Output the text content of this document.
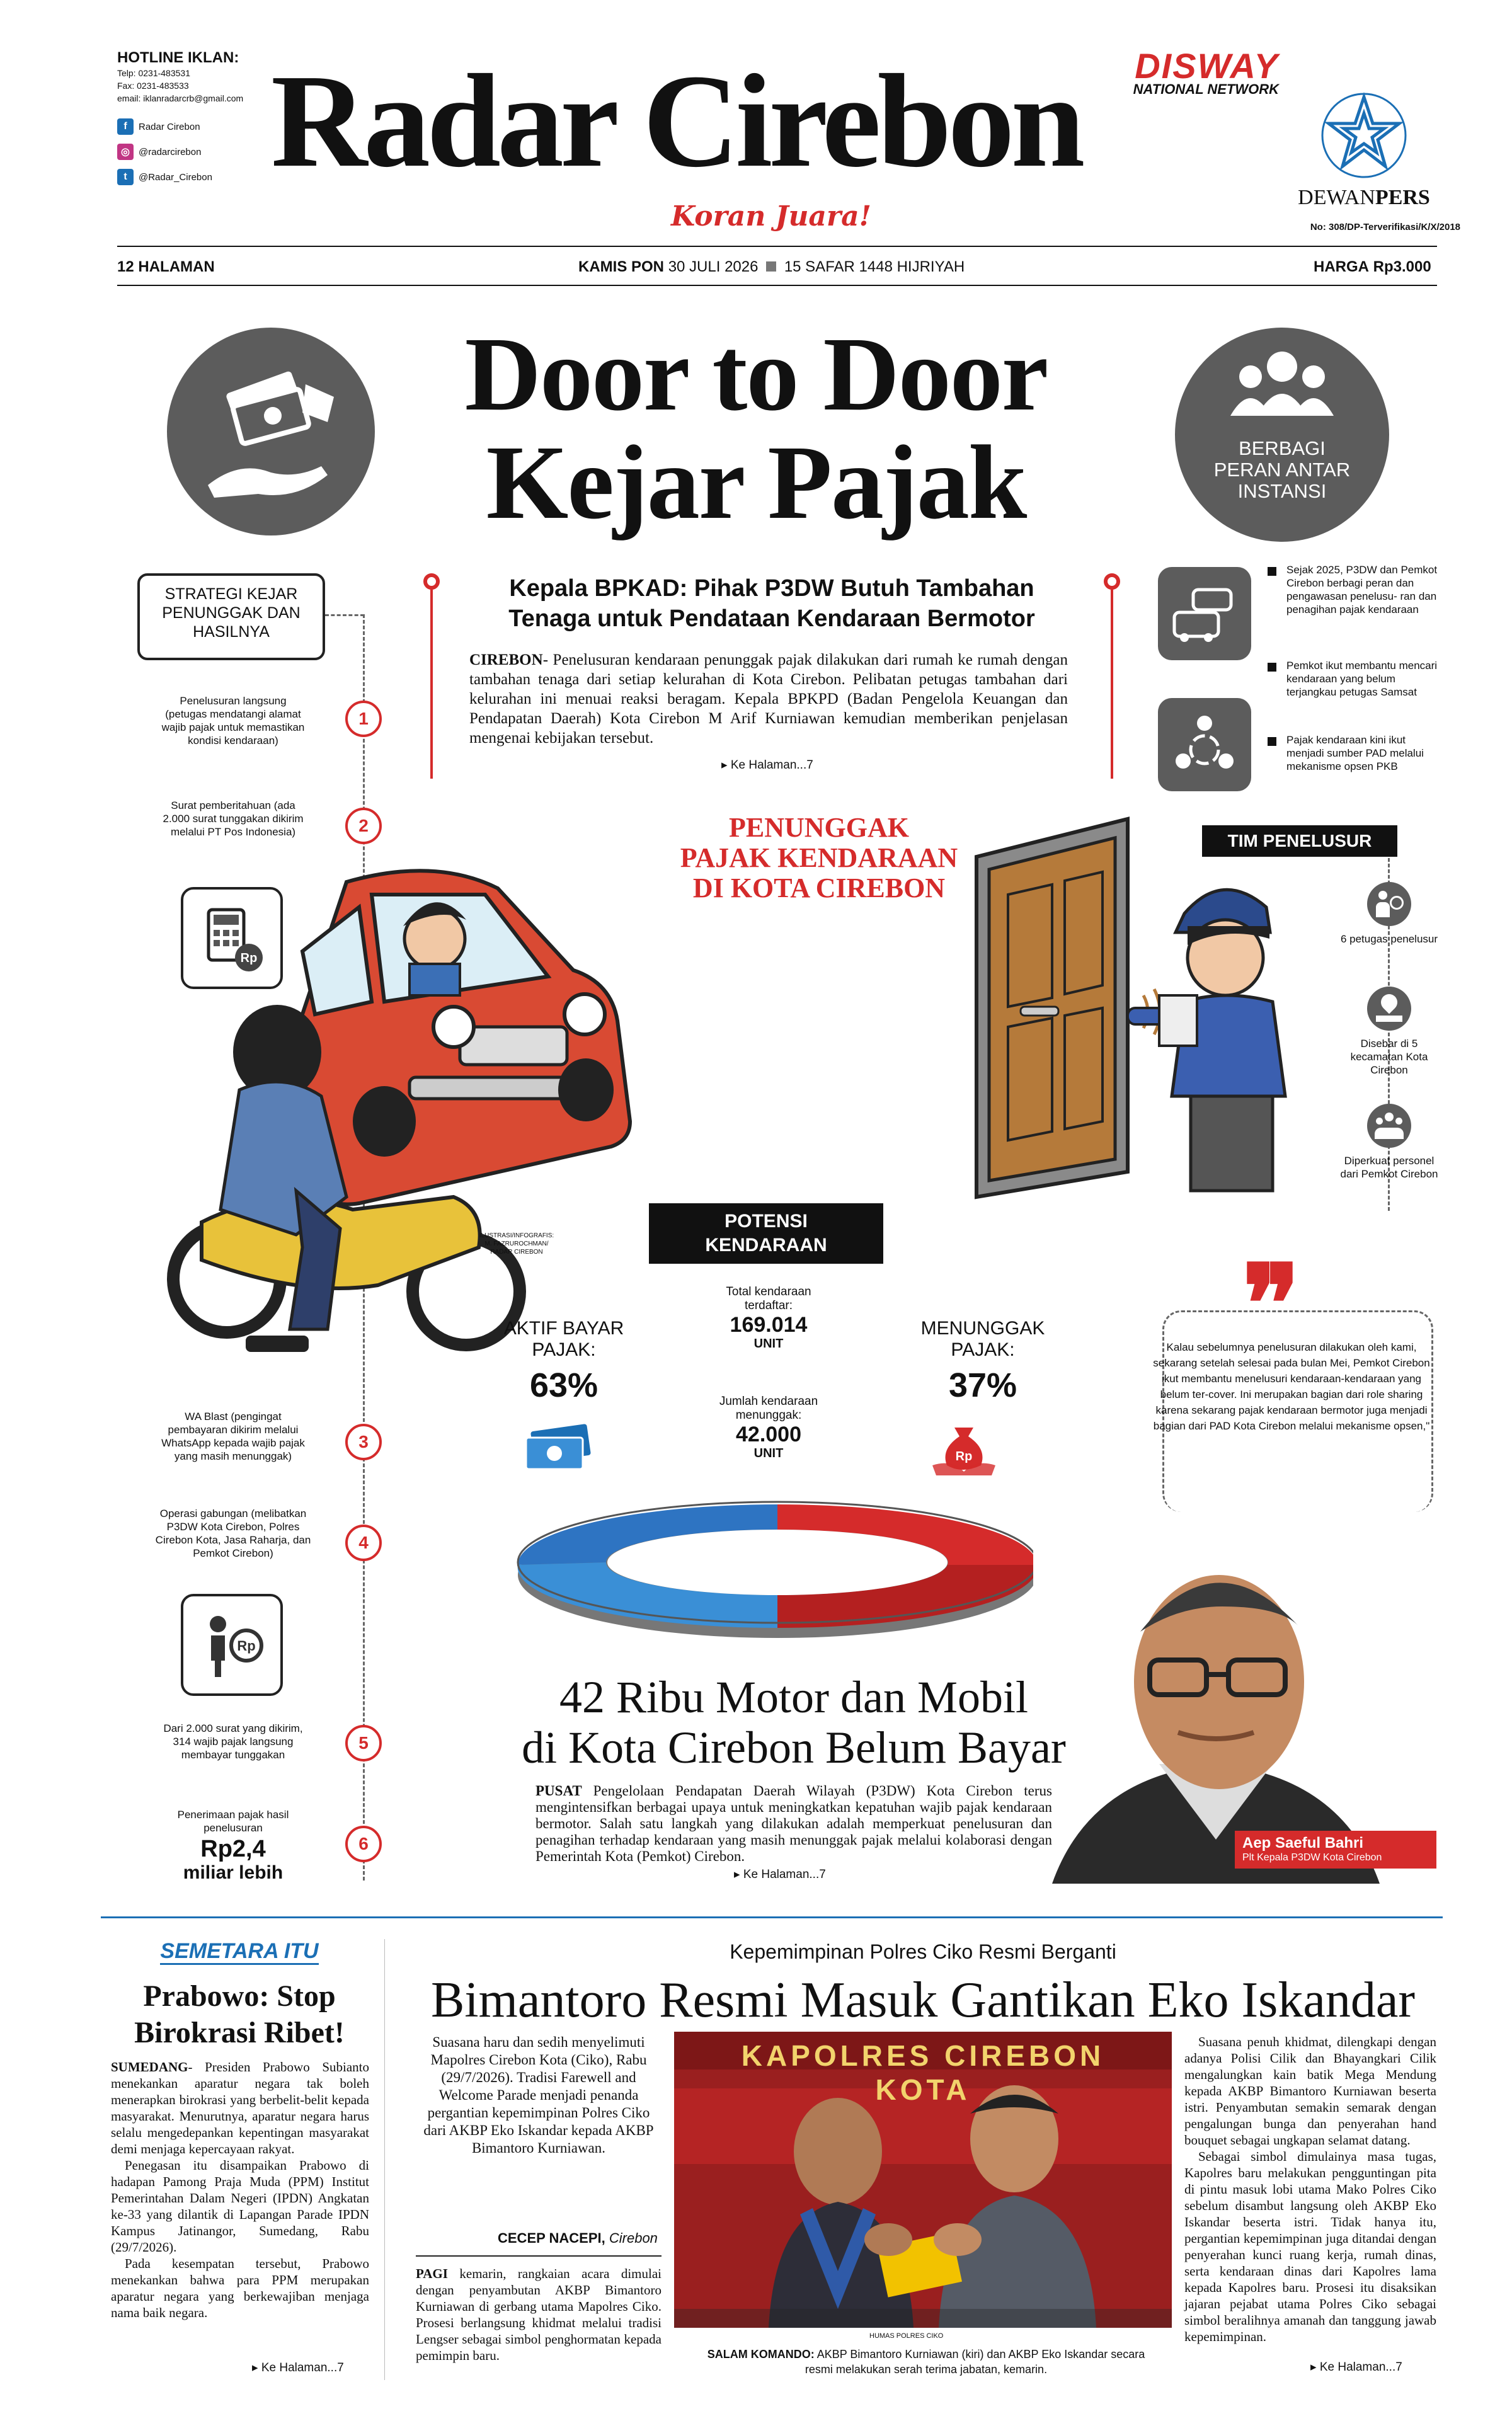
HOTLINE IKLAN:
Telp: 0231-483531
Fax: 0231-483533
email: iklanradarcrb@gmail.com
f	Radar Cirebon
◎ @radarcirebon
t	@Radar_Cirebon Radar Cirebon
Koran Juara!
DISWAY
NATIONAL NETWORK
DEWANPERS
No: 308/DP-Terverifikasi/K/X/2018
12 HALAMAN	KAMIS PON 30 JULI 2026 15 SAFAR 1448 HIJRIYAH	HARGA Rp3.000
Door to Door
Kejar Pajak	BERBAGI
PERAN ANTAR
INSTANSI
Kepala BPKAD: Pihak P3DW Butuh Tambahan
Tenaga untuk Pendataan Kendaraan Bermotor
CIREBON- Penelusuran kendaraan penunggak pajak dilakukan dari rumah ke rumah dengan tambahan tenaga dari setiap kelurahan di Kota Cirebon. Pelibatan petugas tambahan dari kelurahan ini menuai reaksi beragam. Kepala BPKPD (Badan Pengelola Keuangan dan Pendapatan Daerah) Kota Cirebon M Arif Kurniawan kemudian memberikan penjelasan mengenai kebijakan tersebut.
▸ Ke Halaman...7
STRATEGI KEJAR PENUNGGAK DAN HASILNYA
Penelusuran langsung (petugas mendatangi alamat wajib pajak untuk memastikan kondisi kendaraan)
1
Surat pemberitahuan (ada 2.000 surat tunggakan dikirim melalui PT Pos Indonesia)	2
Rp
WA Blast (pengingat pembayaran dikirim melalui WhatsApp kepada wajib pajak yang masih menunggak)
3
Operasi gabungan (melibatkan P3DW Kota Cirebon, Polres Cirebon Kota, Jasa Raharja, dan Pemkot Cirebon)
4
Rp
Dari 2.000 surat yang dikirim, 314 wajib pajak langsung membayar tunggakan
5
Penerimaan pajak hasil penelusuran
6
Rp2,4
miliar lebih
Sejak 2025, P3DW dan Pemkot Cirebon berbagi peran dan pengawasan penelusu- ran dan penagihan pajak kendaraan
Pemkot ikut membantu mencari kendaraan yang belum terjangkau petugas Samsat
Pajak kendaraan kini ikut menjadi sumber PAD melalui mekanisme opsen PKB
PENUNGGAK
PAJAK KENDARAAN
DI KOTA CIREBON
ILUSTRASI/INFOGRAFIS:
M. FAZRUROCHMAN/
RADAR CIREBON
TIM PENELUSUR
6 petugas penelusur
Disebar di 5 kecamatan Kota Cirebon
Diperkuat personel dari Pemkot Cirebon
POTENSI
KENDARAAN
AKTIF BAYAR
PAJAK:
63%
Total kendaraan
terdaftar:
169.014
UNIT
MENUNGGAK
PAJAK:
37%
Jumlah kendaraan
menunggak:
42.000
UNIT	Rp
❞
Kalau sebelumnya penelusuran dilakukan oleh kami, sekarang setelah selesai pada bulan Mei, Pemkot Cirebon ikut membantu menelusuri kendaraan-kendaraan yang belum ter-cover. Ini merupakan bagian dari role sharing karena sekarang pajak kendaraan bermotor juga menjadi bagian dari PAD Kota Cirebon melalui mekanisme opsen,"
Aep Saeful Bahri
Plt Kepala P3DW Kota Cirebon
42 Ribu Motor dan Mobil
di Kota Cirebon Belum Bayar
PUSAT Pengelolaan Pendapatan Daerah Wilayah (P3DW) Kota Cirebon terus mengintensifkan berbagai upaya untuk meningkatkan kepatuhan wajib pajak kendaraan bermotor. Salah satu langkah yang dilakukan adalah memperkuat penelusuran dan penagihan terhadap kendaraan yang masih menunggak pajak melalui kolaborasi dengan Pemerintah Kota (Pemkot) Cirebon.
▸ Ke Halaman...7
SEMETARA ITU
Prabowo: Stop
Birokrasi Ribet!

SUMEDANG- Presiden Prabowo Subianto menekankan aparatur negara tak boleh menerapkan birokrasi yang berbelit-belit kepada masyarakat. Menurutnya, aparatur negara harus selalu mengedepankan kepentingan masyarakat demi menjaga kepercayaan rakyat.

Penegasan itu disampaikan Prabowo di hadapan Pamong Praja Muda (PPM) Institut Pemerintahan Dalam Negeri (IPDN) Angkatan ke-33 yang dilantik di Lapangan Parade IPDN Kampus Jatinangor, Sumedang, Rabu (29/7/2026).

Pada kesempatan tersebut, Prabowo menekankan bahwa para PPM merupakan aparatur negara yang berkewajiban menjaga nama baik negara.

▸ Ke Halaman...7
Kepemimpinan Polres Ciko Resmi Berganti
Bimantoro Resmi Masuk Gantikan Eko Iskandar
Suasana haru dan sedih menyelimuti Mapolres Cirebon Kota (Ciko), Rabu (29/7/2026). Tradisi Farewell and Welcome Parade menjadi penanda pergantian kepemimpinan Polres Ciko dari AKBP Eko Iskandar kepada AKBP Bimantoro Kurniawan.
CECEP NACEPI, Cirebon
PAGI kemarin, rangkaian acara dimulai dengan penyambutan AKBP Bimantoro Kurniawan di gerbang utama Mapolres Ciko. Prosesi berlangsung khidmat melalui tradisi Lengser sebagai simbol penghormatan kepada pemimpin baru.
KAPOLRES CIREBON KOTA
HUMAS POLRES CIKO
SALAM KOMANDO: AKBP Bimantoro Kurniawan (kiri) dan AKBP Eko Iskandar secara resmi melakukan serah terima jabatan, kemarin.

Suasana penuh khidmat, dilengkapi dengan adanya Polisi Cilik dan Bhayangkari Cilik mengalungkan kain batik Mega Mendung kepada AKBP Bimantoro Kurniawan beserta istri. Penyambutan semakin semarak dengan pengalungan bunga dan penyerahan hand bouquet sebagai ungkapan selamat datang.

Sebagai simbol dimulainya masa tugas, Kapolres baru melakukan pengguntingan pita di pintu masuk lobi utama Mako Polres Ciko sebelum disambut langsung oleh AKBP Eko Iskandar beserta istri. Tidak hanya itu, pergantian kepemimpinan juga ditandai dengan penyerahan kunci ruang kerja, rumah dinas, serta kendaraan dinas dari Kapolres lama kepada Kapolres baru. Prosesi itu disaksikan jajaran pejabat utama Polres Ciko sebagai simbol beralihnya amanah dan tanggung jawab kepemimpinan.

▸ Ke Halaman...7
